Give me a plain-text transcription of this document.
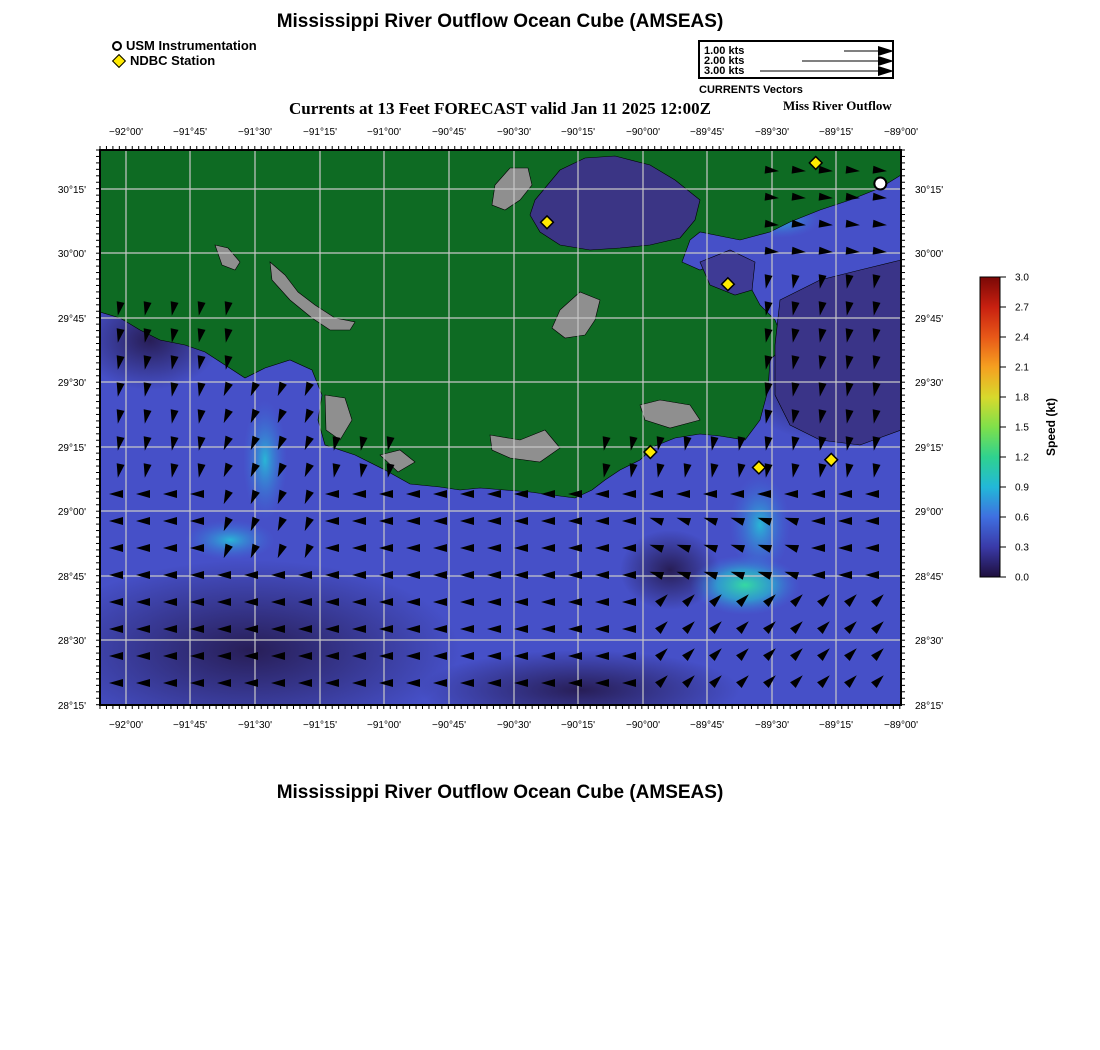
Mississippi River Outflow Ocean Cube (AMSEAS)
USM Instrumentation
NDBC Station
1.00 kts
2.00 kts
3.00 kts
CURRENTS Vectors
Currents at 13 Feet FORECAST valid Jan 11 2025 12:00Z	Miss River Outflow
Mississippi River Outflow Ocean Cube (AMSEAS)
−92°00'	−91°45'	−91°30'	−91°15'	−91°00'	−90°45'	−90°30'	−90°15'	−90°00'	−89°45'	−89°30'	−89°15'	−89°00'
−92°00'	−91°45'	−91°30'	−91°15'	−91°00'	−90°45'	−90°30'	−90°15'	−90°00'	−89°45'	−89°30'	−89°15'	−89°00'
30°15'
30°00'
29°45'
29°30'
29°15'
29°00'
28°45'
28°30'
28°15'
30°15'
30°00'
29°45'
29°30'
29°15'
29°00'
28°45'
28°30'
28°15'
0.0
0.3
0.6
0.9
1.2
1.5
1.8
2.1
2.4
2.7
3.0
Speed (kt)
